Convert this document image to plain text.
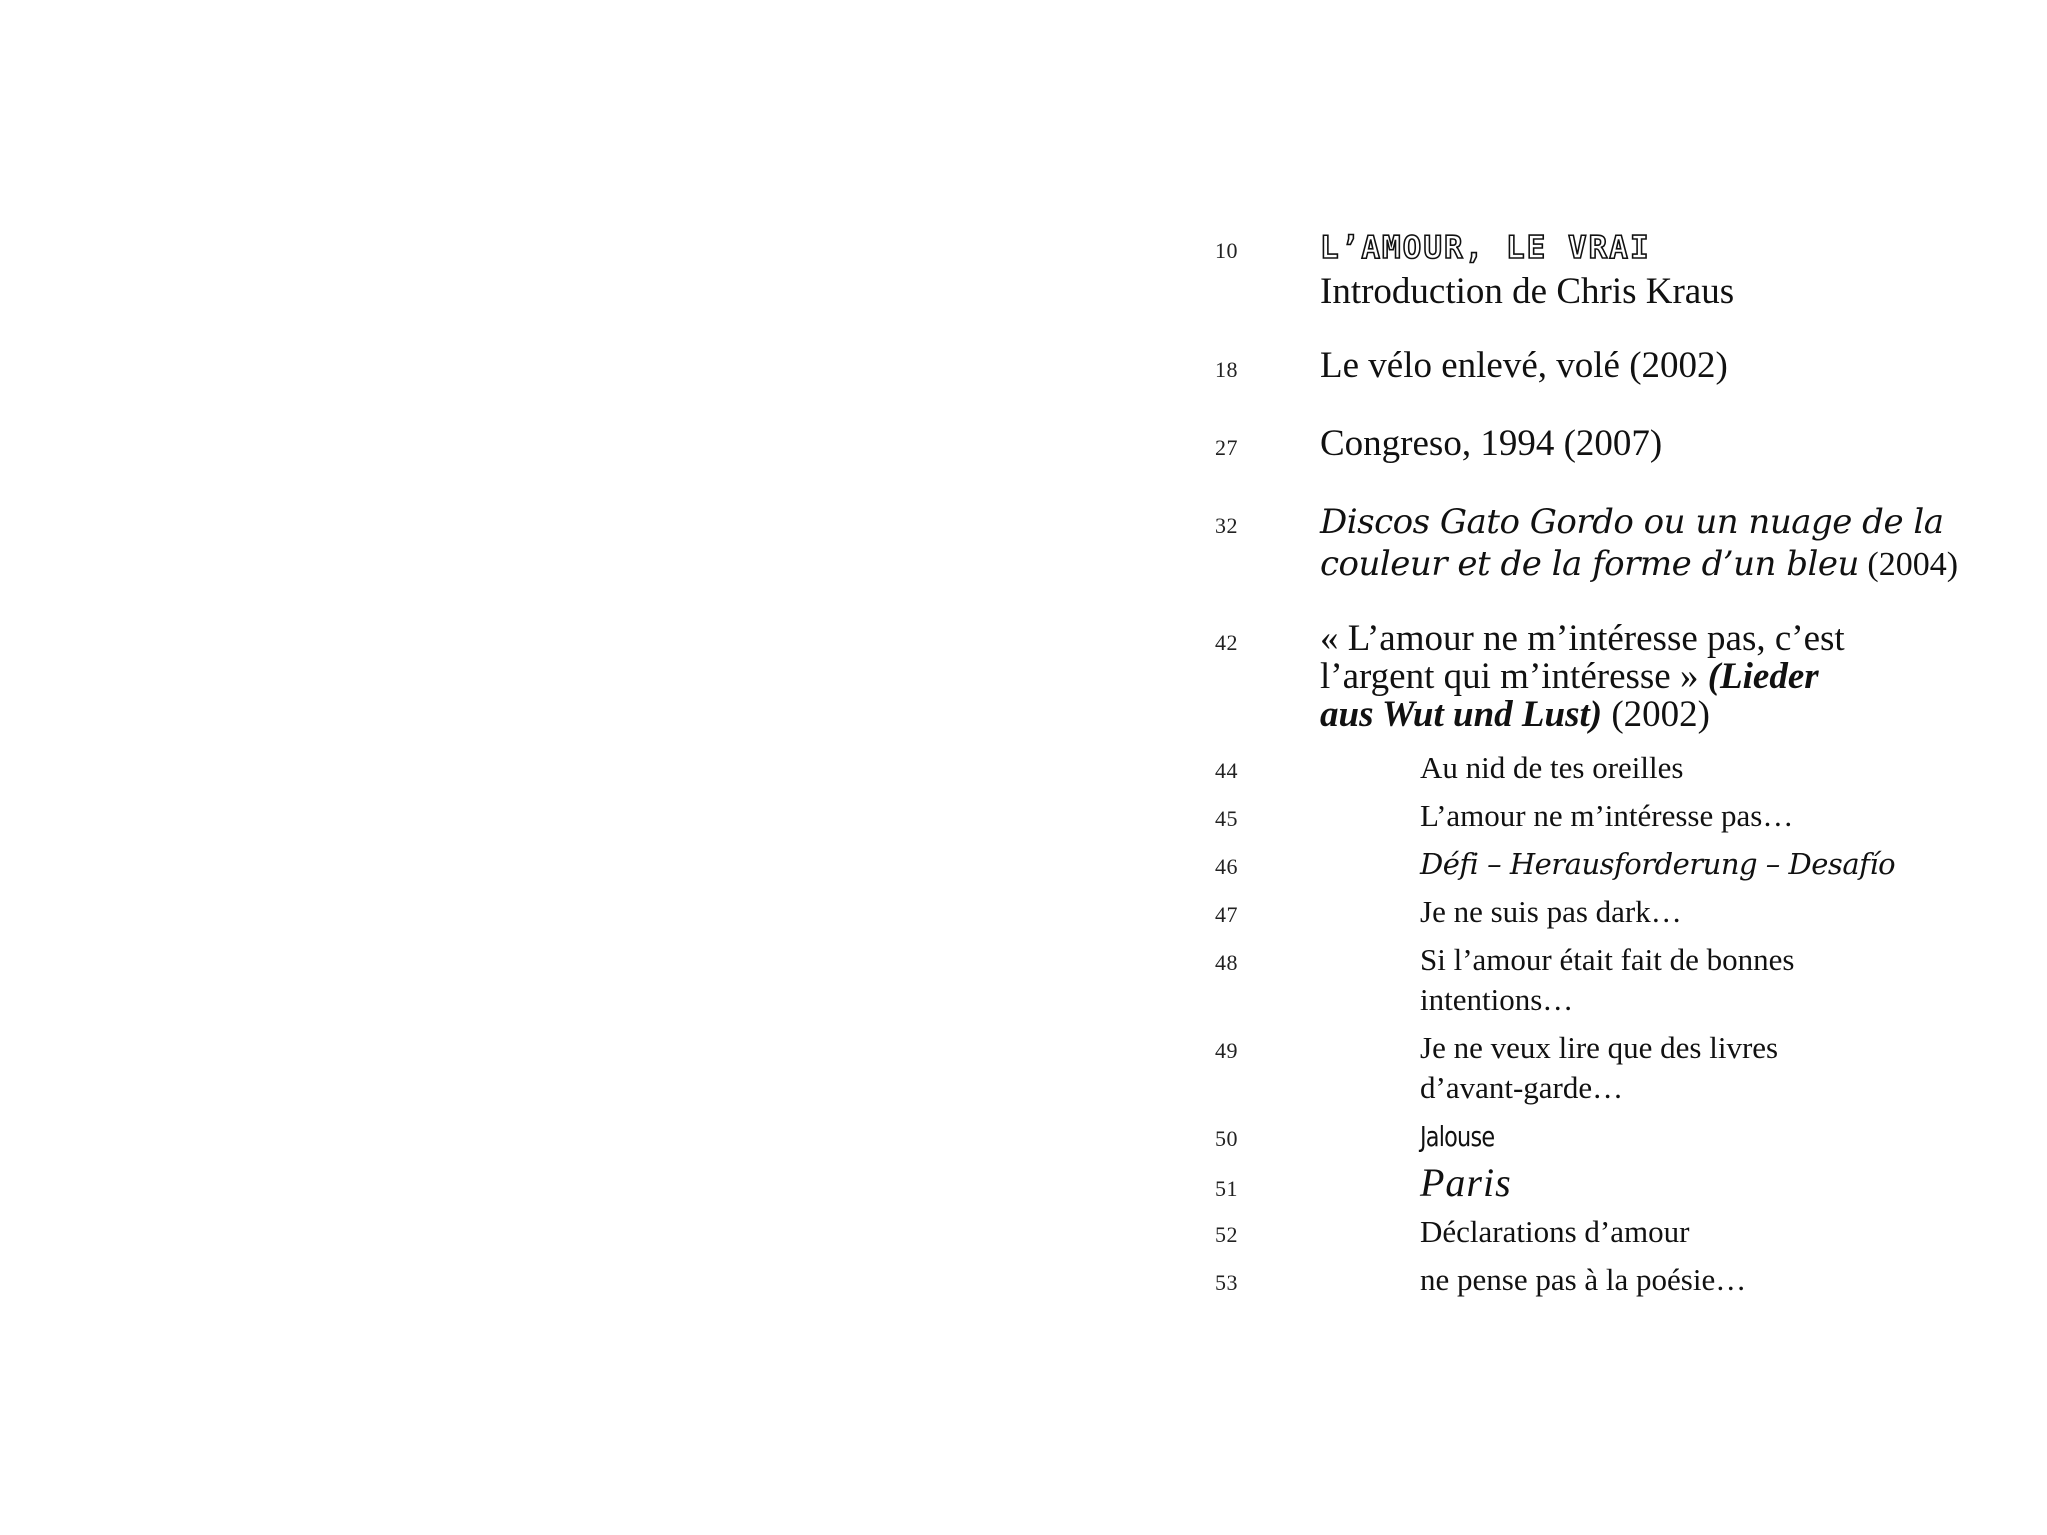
10	L’AMOUR, LE VRAI
Introduction de Chris Kraus
18	Le vélo enlevé, volé (2002)
27	Congreso, 1994 (2007)
32	Discos Gato Gordo ou un nuage de la
couleur et de la forme d’un bleu (2004)
42	« L’amour ne m’intéresse pas, c’est
l’argent qui m’intéresse » (Lieder
aus Wut und Lust) (2002)
44	Au nid de tes oreilles
45	L’amour ne m’intéresse pas…
46	Défi – Herausforderung – Desafío
47	Je ne suis pas dark…
48	Si l’amour était fait de bonnes
intentions…
49	Je ne veux lire que des livres
d’avant-garde…
50	Jalouse
51	Paris
52	Déclarations d’amour
53	ne pense pas à la poésie…
